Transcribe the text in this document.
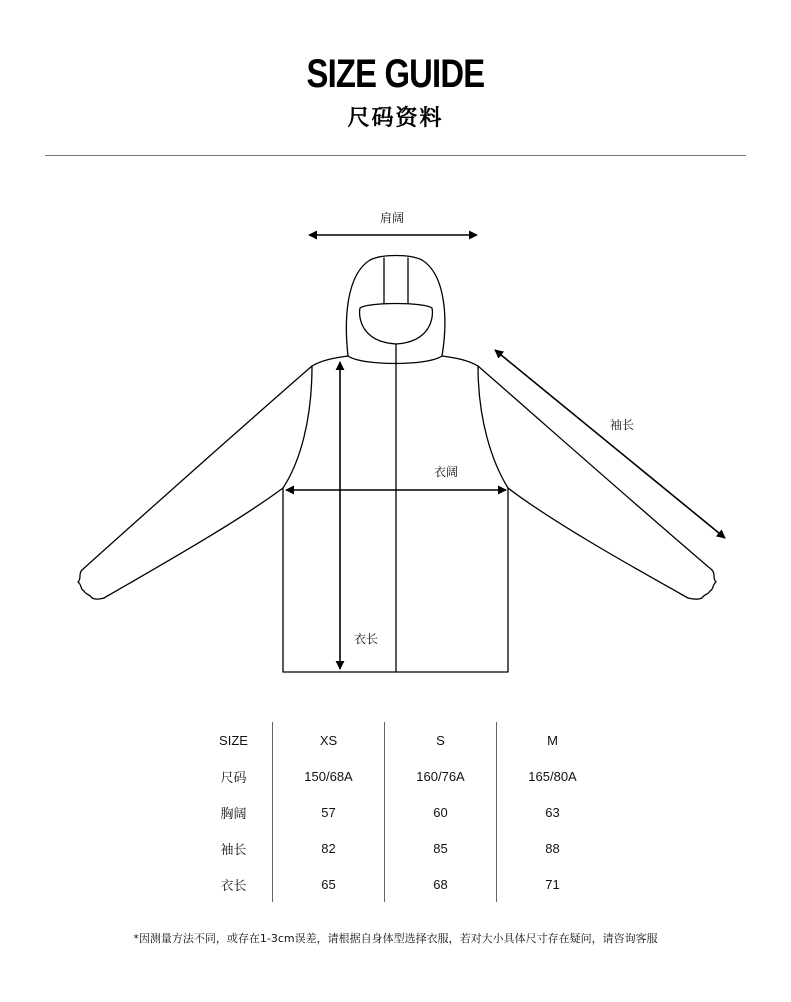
SIZE GUIDE
尺码资料
肩阔
袖长
衣阔
衣长
SIZE	XS	S	M
尺码	150/68A	160/76A	165/80A
胸阔	57	60	63
袖长	82	85	88
衣长	65	68	71
*因测量方法不同，或存在1-3cm误差，请根据自身体型选择衣服，若对大小具体尺寸存在疑问，请咨询客服
